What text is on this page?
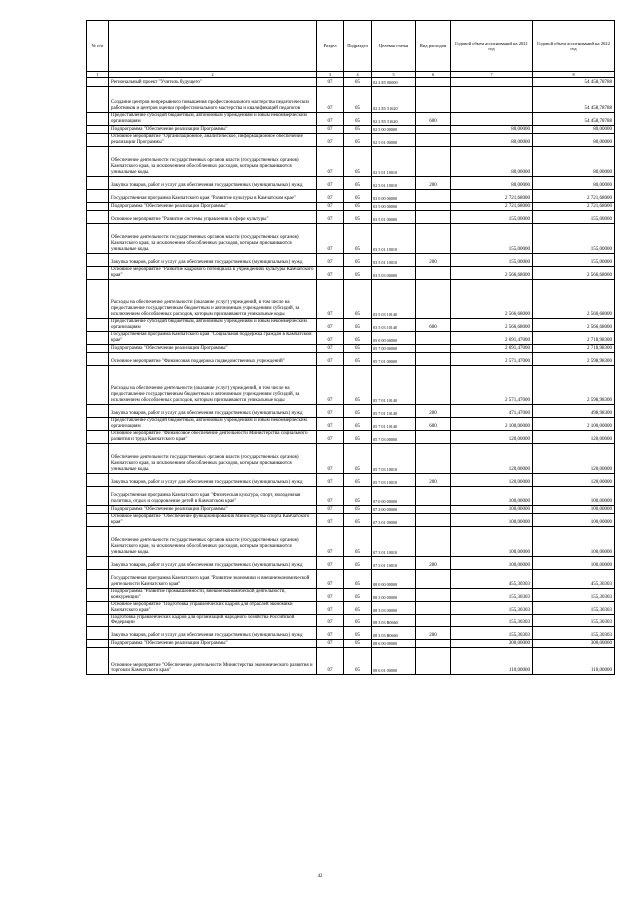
№ п/п		Раздел	Подраздел	Целевая статья	Вид расходов	Годовой объем ассигнований на 2021 год	Годовой объем ассигнований на 2022 год
1	2	3	4	5	6	7	8
	Региональный проект "Учитель будущего"	07	05	02 2 E5 00000			54 458,78788
	Создание центров непрерывного повышения профессионального мастерства педагогических работников и центров оценки профессионального мастерства и квалификаций педагогов	07	05	02 2 E5 51620			54 458,78788
	Предоставление субсидий бюджетным, автономным учреждениям и иным некоммерческим организациям	07	05	02 2 E5 51620	600		54 458,78788
	Подпрограмма "Обеспечение реализации Программы"	07	05	02 5 00 00000		80,00000	80,00000
	Основное мероприятие "Организационное, аналитическое, информационное обеспечение реализации Программы"	07	05	02 5 01 00000		80,00000	80,00000
	Обеспечение деятельности государственных органов власти (государственных органов) Камчатского края, за исключением обособленных расходов, которым присваиваются уникальные коды.	07	05	02 5 01 10010		80,00000	80,00000
	Закупка товаров, работ и услуг для обеспечения государственных (муниципальных) нужд	07	05	02 5 01 10010	200	80,00000	80,00000
	Государственная программа Камчатского края "Развитие культуры в Камчатском крае"	07	05	03 0 00 00000		2 721,68000	2 721,68000
	Подпрограмма "Обеспечение реализации Программы"	07	05	03 5 00 00000		2 721,68000	2 721,68000
	Основное мероприятие "Развитие системы управления в сфере культуры"	07	05	03 5 01 00000		155,00000	155,00000
	Обеспечение деятельности государственных органов власти (государственных органов) Камчатского края, за исключением обособленных расходов, которым присваиваются уникальные коды.	07	05	03 5 01 10010		155,00000	155,00000
	Закупка товаров, работ и услуг для обеспечения государственных (муниципальных) нужд	07	05	03 5 01 10010	200	155,00000	155,00000
	Основное мероприятие "Развитие кадрового потенциала в учреждениях культуры Камчатского края"	07	05	03 5 03 00000		2 566,68000	2 566,68000
	Расходы на обеспечение деятельности (оказание услуг) учреждений, в том числе на предоставление государственным бюджетным и автономным учреждениям субсидий, за исключением обособленных расходов, которым присваиваются уникальные коды	07	05	03 5 03 10140		2 566,68000	2 566,68000
	Предоставление субсидий бюджетным, автономным учреждениям и иным некоммерческим организациям	07	05	03 5 03 10140	600	2 566,68000	2 566,68000
	Государственная программа Камчатского края "Социальная поддержка граждан в Камчатском крае"	07	05	05 0 00 00000		2 691,47000	2 718,98300
	Подпрограмма "Обеспечение реализации Программы"	07	05	05 7 00 00000		2 691,47000	2 718,98300
	Основное мероприятие "Финансовая поддержка подведомственных учреждений"	07	05	05 7 01 00000		2 571,47000	2 598,98300
	Расходы на обеспечение деятельности (оказание услуг) учреждений, в том числе на предоставление государственным бюджетным и автономным учреждениям субсидий, за исключением обособленных расходов, которым присваиваются уникальные коды	07	05	05 7 01 10140		2 571,47000	2 598,98300
	Закупка товаров, работ и услуг для обеспечения государственных (муниципальных) нужд	07	05	05 7 01 10140	200	471,47000	498,98300
	Предоставление субсидий бюджетным, автономным учреждениям и иным некоммерческим организациям	07	05	05 7 01 10140	600	2 100,00000	2 100,00000
	Основное мероприятие "Финансовое обеспечение деятельности Министерства социального развития и труда Камчатского края"	07	05	05 7 03 00000		120,00000	120,00000
	Обеспечение деятельности государственных органов власти (государственных органов) Камчатского края, за исключением обособленных расходов, которым присваиваются уникальные коды.	07	05	05 7 03 10010		120,00000	120,00000
	Закупка товаров, работ и услуг для обеспечения государственных (муниципальных) нужд	07	05	05 7 03 10010	200	120,00000	120,00000
	Государственная программа Камчатского края "Физическая культура, спорт, молодежная политика, отдых и оздоровление детей в Камчатском крае"	07	05	07 0 00 00000		100,00000	100,00000
	Подпрограмма "Обеспечение реализации Программы"	07	05	07 3 00 00000		100,00000	100,00000
	Основное мероприятие "Обеспечение функционирования Министерства спорта Камчатского края"	07	05	07 3 01 00000		100,00000	100,00000
	Обеспечение деятельности государственных органов власти (государственных органов) Камчатского края, за исключением обособленных расходов, которым присваиваются уникальные коды.	07	05	07 3 01 10010		100,00000	100,00000
	Закупка товаров, работ и услуг для обеспечения государственных (муниципальных) нужд	07	05	07 3 01 10010	200	100,00000	100,00000
	Государственная программа Камчатского края "Развитие экономики и внешнеэкономической деятельности Камчатского края"	07	05	08 0 00 00000		455,30303	455,30303
	Подпрограмма "Развитие промышленности, внешнеэкономической деятельности, конкуренции"	07	05	08 3 00 00000		155,30303	155,30303
	Основное мероприятие "Подготовка управленческих кадров для отраслей экономики Камчатского края"	07	05	08 3 03 00000		155,30303	155,30303
	Подготовка управленческих кадров для организаций народного хозяйства Российской Федерации	07	05	08 3 03 R0660		155,30303	155,30303
	Закупка товаров, работ и услуг для обеспечения государственных (муниципальных) нужд	07	05	08 3 03 R0660	200	155,30303	155,30303
	Подпрограмма "Обеспечение реализации Программы"	07	05	08 6 00 00000		300,00000	300,00000
	Основное мероприятие "Обеспечение деятельности Министерства экономического развития и торговли Камчатского края"	07	05	08 6 01 00000		110,00000	110,00000
42
